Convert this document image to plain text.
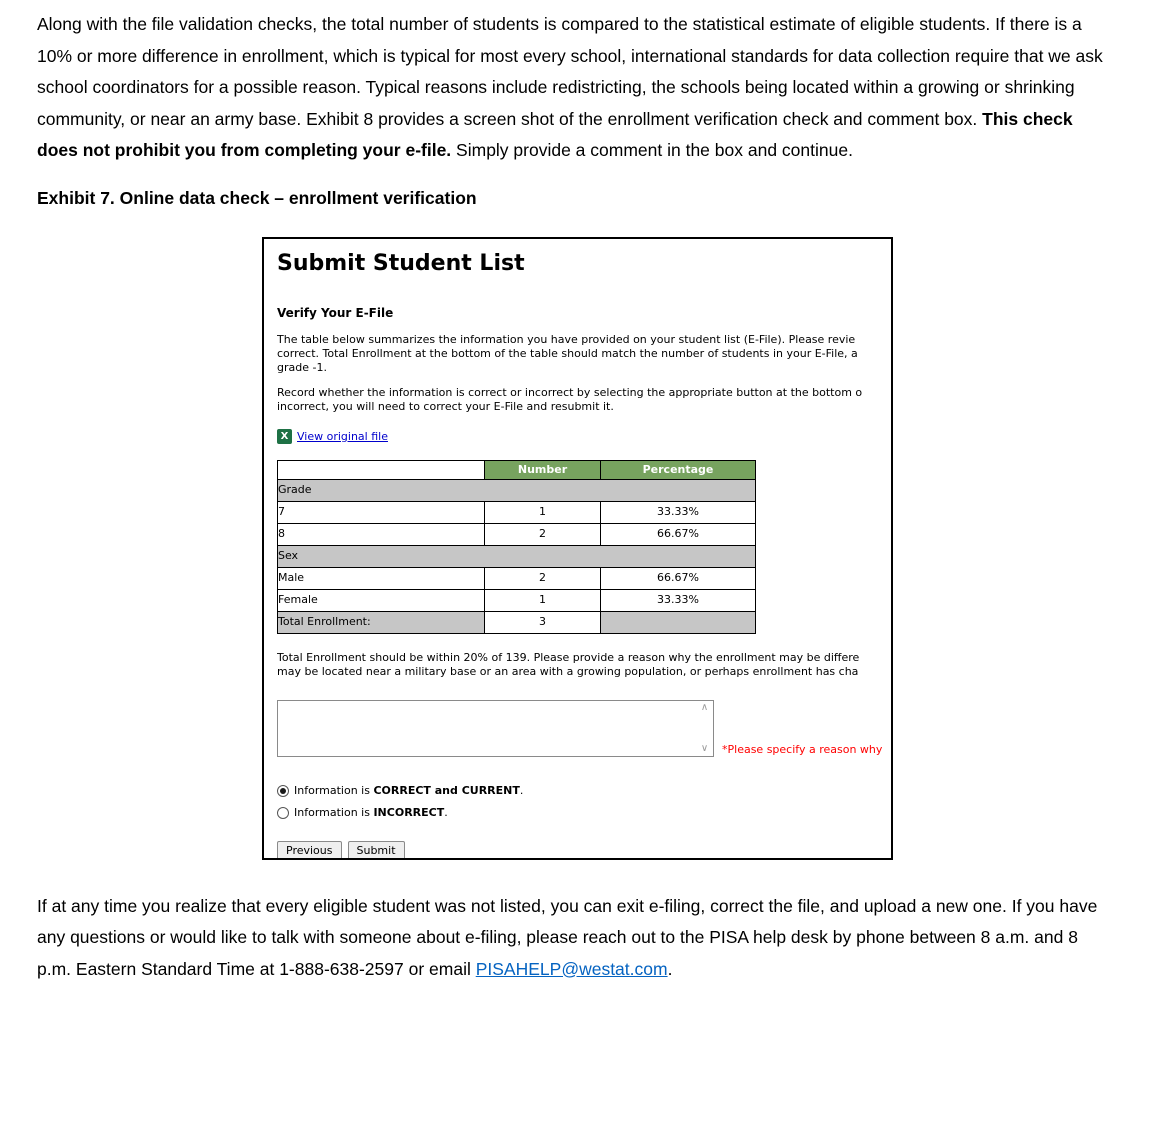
Along with the file validation checks, the total number of students is compared to the statistical estimate of eligible students. If there is a 10% or more difference in enrollment, which is typical for most every school, international standards for data collection require that we ask school coordinators for a possible reason. Typical reasons include redistricting, the schools being located within a growing or shrinking community, or near an army base. Exhibit 8 provides a screen shot of the enrollment verification check and comment box. This check does not prohibit you from completing your e-file. Simply provide a comment in the box and continue.

Exhibit 7. Online data check – enrollment verification

Submit Student List
Verify Your E-File
The table below summarizes the information you have provided on your student list (E-File). Please revie
correct. Total Enrollment at the bottom of the table should match the number of students in your E-File, a
grade -1.
Record whether the information is correct or incorrect by selecting the appropriate button at the bottom o
incorrect, you will need to correct your E-File and resubmit it.
X View original file
	Number	Percentage
Grade		
7	1	33.33%
8	2	66.67%
Sex		
Male	2	66.67%
Female	1	33.33%
Total Enrollment:	3	
Total Enrollment should be within 20% of 139. Please provide a reason why the enrollment may be differe
may be located near a military base or an area with a growing population, or perhaps enrollment has cha
∧
∨ *Please specify a reason why
Information is CORRECT and CURRENT.
Information is INCORRECT.
Previous	Submit

If at any time you realize that every eligible student was not listed, you can exit e-filing, correct the file, and upload a new one. If you have any questions or would like to talk with someone about e-filing, please reach out to the PISA help desk by phone between 8 a.m. and 8 p.m. Eastern Standard Time at 1-888-638-2597 or email PISAHELP@westat.com.
